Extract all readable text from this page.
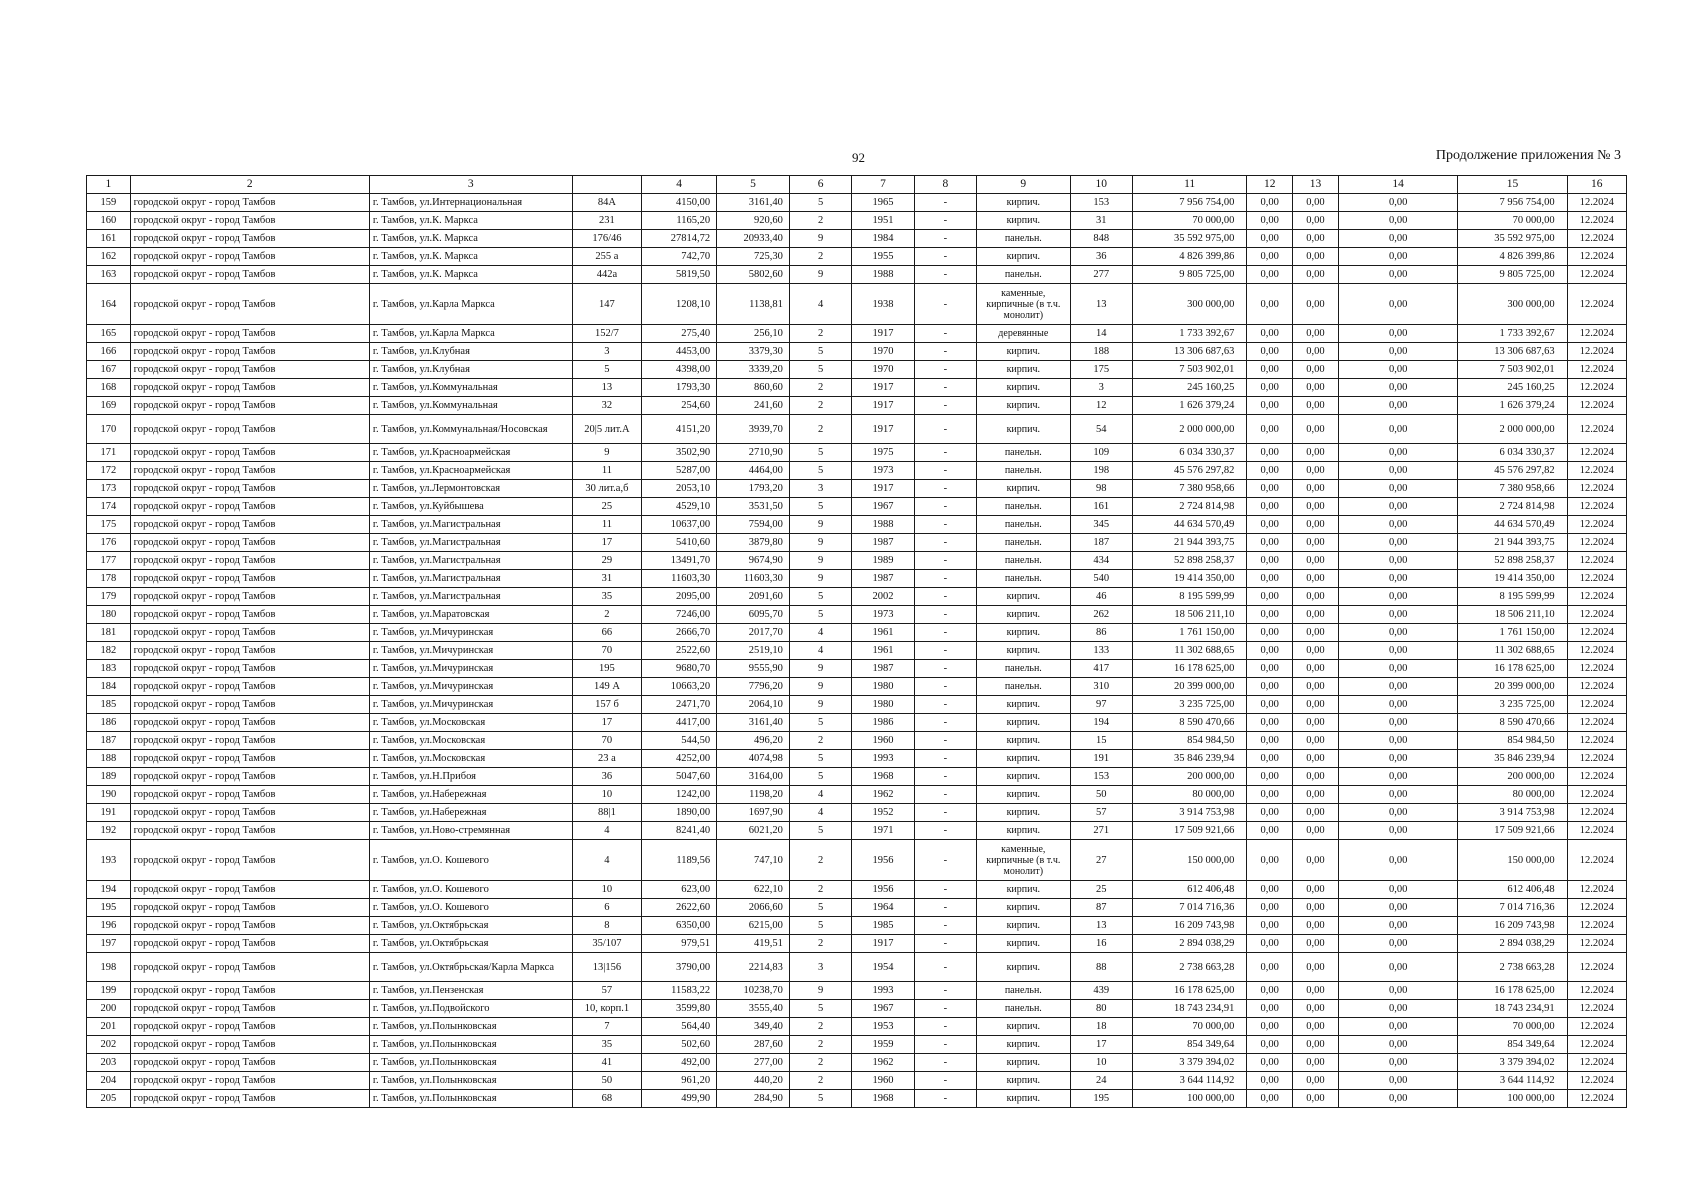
92	Продолжение приложения № 3
1	2	3		4	5	6	7	8	9	10	11	12	13	14	15	16
159	городской округ - город Тамбов	г. Тамбов, ул.Интернациональная	84А	4150,00	3161,40	5	1965	-	кирпич.	153	7 956 754,00	0,00	0,00	0,00	7 956 754,00	12.2024
160	городской округ - город Тамбов	г. Тамбов, ул.К. Маркса	231	1165,20	920,60	2	1951	-	кирпич.	31	70 000,00	0,00	0,00	0,00	70 000,00	12.2024
161	городской округ - город Тамбов	г. Тамбов, ул.К. Маркса	176/46	27814,72	20933,40	9	1984	-	панельн.	848	35 592 975,00	0,00	0,00	0,00	35 592 975,00	12.2024
162	городской округ - город Тамбов	г. Тамбов, ул.К. Маркса	255 а	742,70	725,30	2	1955	-	кирпич.	36	4 826 399,86	0,00	0,00	0,00	4 826 399,86	12.2024
163	городской округ - город Тамбов	г. Тамбов, ул.К. Маркса	442а	5819,50	5802,60	9	1988	-	панельн.	277	9 805 725,00	0,00	0,00	0,00	9 805 725,00	12.2024
164	городской округ - город Тамбов	г. Тамбов, ул.Карла Маркса	147	1208,10	1138,81	4	1938	-	каменные, кирпичные (в т.ч. монолит)	13	300 000,00	0,00	0,00	0,00	300 000,00	12.2024
165	городской округ - город Тамбов	г. Тамбов, ул.Карла Маркса	152/7	275,40	256,10	2	1917	-	деревянные	14	1 733 392,67	0,00	0,00	0,00	1 733 392,67	12.2024
166	городской округ - город Тамбов	г. Тамбов, ул.Клубная	3	4453,00	3379,30	5	1970	-	кирпич.	188	13 306 687,63	0,00	0,00	0,00	13 306 687,63	12.2024
167	городской округ - город Тамбов	г. Тамбов, ул.Клубная	5	4398,00	3339,20	5	1970	-	кирпич.	175	7 503 902,01	0,00	0,00	0,00	7 503 902,01	12.2024
168	городской округ - город Тамбов	г. Тамбов, ул.Коммунальная	13	1793,30	860,60	2	1917	-	кирпич.	3	245 160,25	0,00	0,00	0,00	245 160,25	12.2024
169	городской округ - город Тамбов	г. Тамбов, ул.Коммунальная	32	254,60	241,60	2	1917	-	кирпич.	12	1 626 379,24	0,00	0,00	0,00	1 626 379,24	12.2024
170	городской округ - город Тамбов	г. Тамбов, ул.Коммунальная/Носовская	20|5 лит.А	4151,20	3939,70	2	1917	-	кирпич.	54	2 000 000,00	0,00	0,00	0,00	2 000 000,00	12.2024
171	городской округ - город Тамбов	г. Тамбов, ул.Красноармейская	9	3502,90	2710,90	5	1975	-	панельн.	109	6 034 330,37	0,00	0,00	0,00	6 034 330,37	12.2024
172	городской округ - город Тамбов	г. Тамбов, ул.Красноармейская	11	5287,00	4464,00	5	1973	-	панельн.	198	45 576 297,82	0,00	0,00	0,00	45 576 297,82	12.2024
173	городской округ - город Тамбов	г. Тамбов, ул.Лермонтовская	30 лит.а,б	2053,10	1793,20	3	1917	-	кирпич.	98	7 380 958,66	0,00	0,00	0,00	7 380 958,66	12.2024
174	городской округ - город Тамбов	г. Тамбов, ул.Куйбышева	25	4529,10	3531,50	5	1967	-	панельн.	161	2 724 814,98	0,00	0,00	0,00	2 724 814,98	12.2024
175	городской округ - город Тамбов	г. Тамбов, ул.Магистральная	11	10637,00	7594,00	9	1988	-	панельн.	345	44 634 570,49	0,00	0,00	0,00	44 634 570,49	12.2024
176	городской округ - город Тамбов	г. Тамбов, ул.Магистральная	17	5410,60	3879,80	9	1987	-	панельн.	187	21 944 393,75	0,00	0,00	0,00	21 944 393,75	12.2024
177	городской округ - город Тамбов	г. Тамбов, ул.Магистральная	29	13491,70	9674,90	9	1989	-	панельн.	434	52 898 258,37	0,00	0,00	0,00	52 898 258,37	12.2024
178	городской округ - город Тамбов	г. Тамбов, ул.Магистральная	31	11603,30	11603,30	9	1987	-	панельн.	540	19 414 350,00	0,00	0,00	0,00	19 414 350,00	12.2024
179	городской округ - город Тамбов	г. Тамбов, ул.Магистральная	35	2095,00	2091,60	5	2002	-	кирпич.	46	8 195 599,99	0,00	0,00	0,00	8 195 599,99	12.2024
180	городской округ - город Тамбов	г. Тамбов, ул.Маратовская	2	7246,00	6095,70	5	1973	-	кирпич.	262	18 506 211,10	0,00	0,00	0,00	18 506 211,10	12.2024
181	городской округ - город Тамбов	г. Тамбов, ул.Мичуринская	66	2666,70	2017,70	4	1961	-	кирпич.	86	1 761 150,00	0,00	0,00	0,00	1 761 150,00	12.2024
182	городской округ - город Тамбов	г. Тамбов, ул.Мичуринская	70	2522,60	2519,10	4	1961	-	кирпич.	133	11 302 688,65	0,00	0,00	0,00	11 302 688,65	12.2024
183	городской округ - город Тамбов	г. Тамбов, ул.Мичуринская	195	9680,70	9555,90	9	1987	-	панельн.	417	16 178 625,00	0,00	0,00	0,00	16 178 625,00	12.2024
184	городской округ - город Тамбов	г. Тамбов, ул.Мичуринская	149 А	10663,20	7796,20	9	1980	-	панельн.	310	20 399 000,00	0,00	0,00	0,00	20 399 000,00	12.2024
185	городской округ - город Тамбов	г. Тамбов, ул.Мичуринская	157 б	2471,70	2064,10	9	1980	-	кирпич.	97	3 235 725,00	0,00	0,00	0,00	3 235 725,00	12.2024
186	городской округ - город Тамбов	г. Тамбов, ул.Московская	17	4417,00	3161,40	5	1986	-	кирпич.	194	8 590 470,66	0,00	0,00	0,00	8 590 470,66	12.2024
187	городской округ - город Тамбов	г. Тамбов, ул.Московская	70	544,50	496,20	2	1960	-	кирпич.	15	854 984,50	0,00	0,00	0,00	854 984,50	12.2024
188	городской округ - город Тамбов	г. Тамбов, ул.Московская	23 а	4252,00	4074,98	5	1993	-	кирпич.	191	35 846 239,94	0,00	0,00	0,00	35 846 239,94	12.2024
189	городской округ - город Тамбов	г. Тамбов, ул.Н.Прибоя	36	5047,60	3164,00	5	1968	-	кирпич.	153	200 000,00	0,00	0,00	0,00	200 000,00	12.2024
190	городской округ - город Тамбов	г. Тамбов, ул.Набережная	10	1242,00	1198,20	4	1962	-	кирпич.	50	80 000,00	0,00	0,00	0,00	80 000,00	12.2024
191	городской округ - город Тамбов	г. Тамбов, ул.Набережная	88|1	1890,00	1697,90	4	1952	-	кирпич.	57	3 914 753,98	0,00	0,00	0,00	3 914 753,98	12.2024
192	городской округ - город Тамбов	г. Тамбов, ул.Ново-стремянная	4	8241,40	6021,20	5	1971	-	кирпич.	271	17 509 921,66	0,00	0,00	0,00	17 509 921,66	12.2024
193	городской округ - город Тамбов	г. Тамбов, ул.О. Кошевого	4	1189,56	747,10	2	1956	-	каменные, кирпичные (в т.ч. монолит)	27	150 000,00	0,00	0,00	0,00	150 000,00	12.2024
194	городской округ - город Тамбов	г. Тамбов, ул.О. Кошевого	10	623,00	622,10	2	1956	-	кирпич.	25	612 406,48	0,00	0,00	0,00	612 406,48	12.2024
195	городской округ - город Тамбов	г. Тамбов, ул.О. Кошевого	6	2622,60	2066,60	5	1964	-	кирпич.	87	7 014 716,36	0,00	0,00	0,00	7 014 716,36	12.2024
196	городской округ - город Тамбов	г. Тамбов, ул.Октябрьская	8	6350,00	6215,00	5	1985	-	кирпич.	13	16 209 743,98	0,00	0,00	0,00	16 209 743,98	12.2024
197	городской округ - город Тамбов	г. Тамбов, ул.Октябрьская	35/107	979,51	419,51	2	1917	-	кирпич.	16	2 894 038,29	0,00	0,00	0,00	2 894 038,29	12.2024
198	городской округ - город Тамбов	г. Тамбов, ул.Октябрьская/Карла Маркса	13|156	3790,00	2214,83	3	1954	-	кирпич.	88	2 738 663,28	0,00	0,00	0,00	2 738 663,28	12.2024
199	городской округ - город Тамбов	г. Тамбов, ул.Пензенская	57	11583,22	10238,70	9	1993	-	панельн.	439	16 178 625,00	0,00	0,00	0,00	16 178 625,00	12.2024
200	городской округ - город Тамбов	г. Тамбов, ул.Подвойского	10, корп.1	3599,80	3555,40	5	1967	-	панельн.	80	18 743 234,91	0,00	0,00	0,00	18 743 234,91	12.2024
201	городской округ - город Тамбов	г. Тамбов, ул.Полынковская	7	564,40	349,40	2	1953	-	кирпич.	18	70 000,00	0,00	0,00	0,00	70 000,00	12.2024
202	городской округ - город Тамбов	г. Тамбов, ул.Полынковская	35	502,60	287,60	2	1959	-	кирпич.	17	854 349,64	0,00	0,00	0,00	854 349,64	12.2024
203	городской округ - город Тамбов	г. Тамбов, ул.Полынковская	41	492,00	277,00	2	1962	-	кирпич.	10	3 379 394,02	0,00	0,00	0,00	3 379 394,02	12.2024
204	городской округ - город Тамбов	г. Тамбов, ул.Полынковская	50	961,20	440,20	2	1960	-	кирпич.	24	3 644 114,92	0,00	0,00	0,00	3 644 114,92	12.2024
205	городской округ - город Тамбов	г. Тамбов, ул.Полынковская	68	499,90	284,90	5	1968	-	кирпич.	195	100 000,00	0,00	0,00	0,00	100 000,00	12.2024
